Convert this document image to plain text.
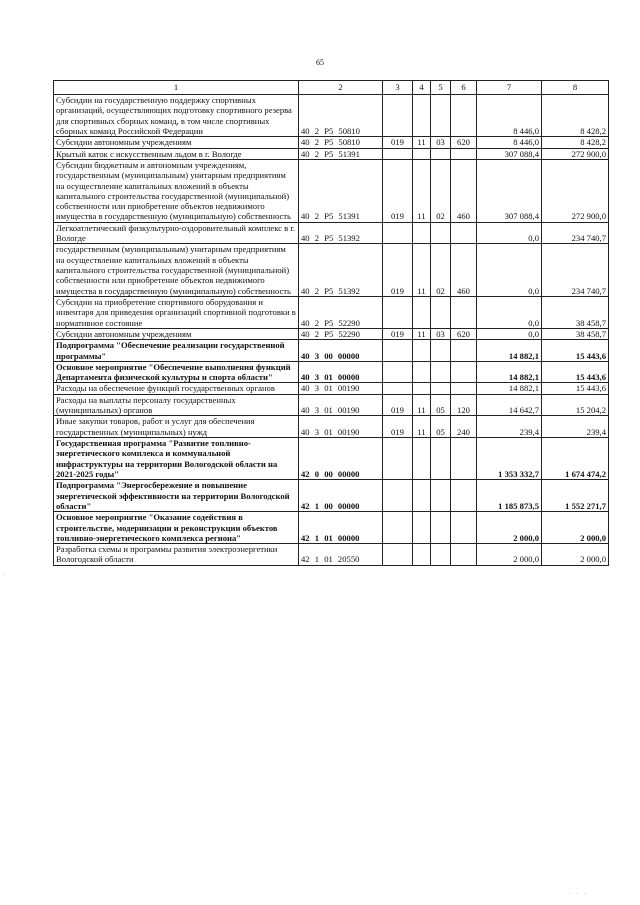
65
1	2	3	4	5	6	7	8
Субсидии на государственную поддержку спортивных организаций, осуществляющих подготовку спортивного резерва для спортивных сборных команд, в том числе спортивных сборных команд Российской Федерации	40 2 P5 50810					8 446,0	8 428,2
Субсидии автономным учреждениям	40 2 P5 50810	019	11	03	620	8 446,0	8 428,2
Крытый каток с искусственным льдом в г. Вологде	40 2 P5 51391					307 088,4	272 900,0
Субсидии бюджетным и автономным учреждениям, государственным (муниципальным) унитарным предприятиям на осуществление капитальных вложений в объекты капитального строительства государственной (муниципальной) собственности или приобретение объектов недвижимого имущества в государственную (муниципальную) собственность	40 2 P5 51391	019	11	02	460	307 088,4	272 900,0
Легкоатлетический физкультурно-оздоровительный комплекс в г. Вологде	40 2 P5 51392					0,0	234 740,7
государственным (муниципальным) унитарным предприятиям на осуществление капитальных вложений в объекты капитального строительства государственной (муниципальной) собственности или приобретение объектов недвижимого имущества в государственную (муниципальную) собственность	40 2 P5 51392	019	11	02	460	0,0	234 740,7
Субсидии на приобретение спортивного оборудования и инвентаря для приведения организаций спортивной подготовки в нормативное состояние	40 2 P5 52290					0,0	38 458,7
Субсидии автономным учреждениям	40 2 P5 52290	019	11	03	620	0,0	38 458,7
Подпрограмма "Обеспечение реализации государственной программы"	40 3 00 00000					14 882,1	15 443,6
Основное мероприятие "Обеспечение выполнения функций Департамента физической культуры и спорта области"	40 3 01 00000					14 882,1	15 443,6
Расходы на обеспечение функций государственных органов	40 3 01 00190					14 882,1	15 443,6
Расходы на выплаты персоналу государственных (муниципальных) органов	40 3 01 00190	019	11	05	120	14 642,7	15 204,2
Иные закупки товаров, работ и услуг для обеспечения государственных (муниципальных) нужд	40 3 01 00190	019	11	05	240	239,4	239,4
Государственная программа "Развитие топливно-энергетического комплекса и коммунальной инфраструктуры на территории Вологодской области на 2021-2025 годы"	42 0 00 00000					1 353 332,7	1 674 474,2
Подпрограмма "Энергосбережение и повышение энергетической эффективности на территории Вологодской области"	42 1 00 00000					1 185 873,5	1 552 271,7
Основное мероприятие "Оказание содействия в строительстве, модернизации и реконструкции объектов топливно-энергетического комплекса региона"	42 1 01 00000					2 000,0	2 000,0
Разработка схемы и программы развития электроэнергетики Вологодской области	42 1 01 20550					2 000,0	2 000,0
·
· · ·
